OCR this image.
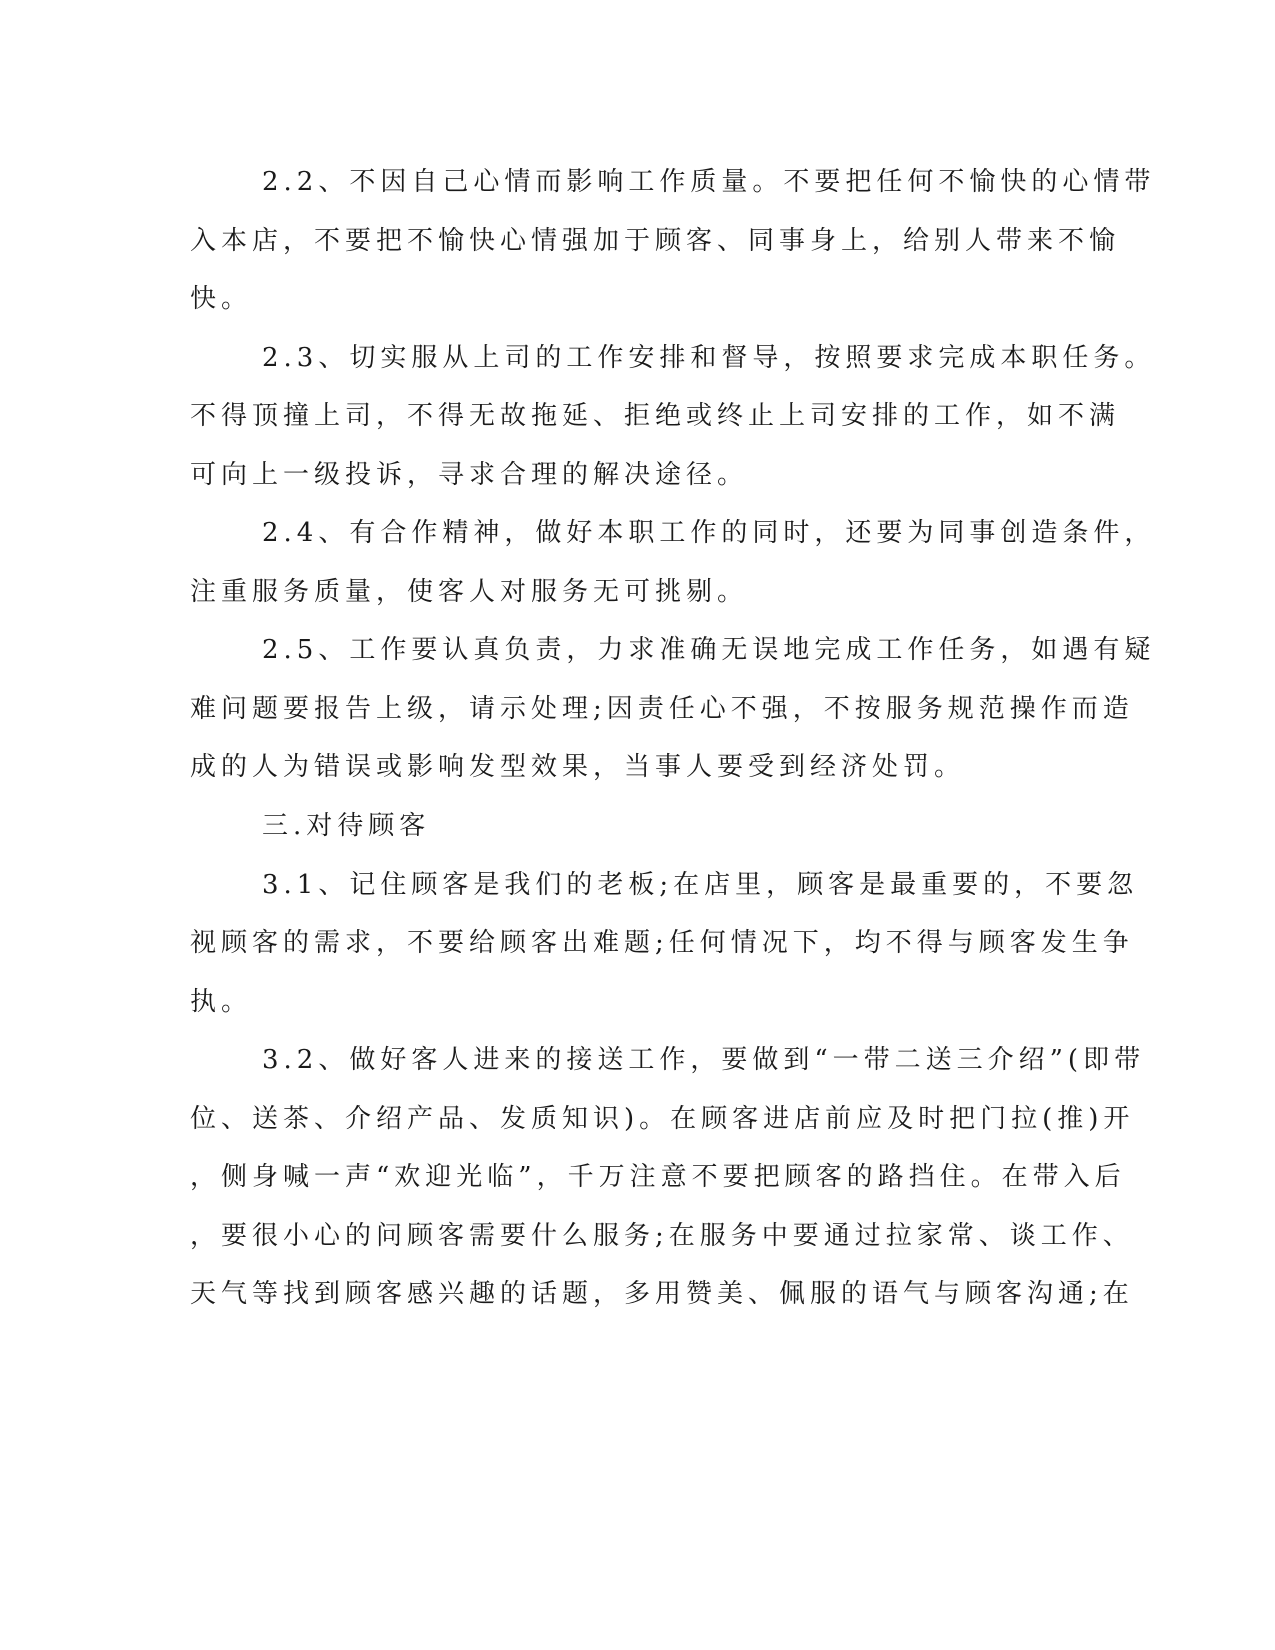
2.2、不因自己心情而影响工作质量。不要把任何不愉快的心情带
入本店，不要把不愉快心情强加于顾客、同事身上，给别人带来不愉
快。
2.3、切实服从上司的工作安排和督导，按照要求完成本职任务。
不得顶撞上司，不得无故拖延、拒绝或终止上司安排的工作，如不满
可向上一级投诉，寻求合理的解决途径。
2.4、有合作精神，做好本职工作的同时，还要为同事创造条件，
注重服务质量，使客人对服务无可挑剔。
2.5、工作要认真负责，力求准确无误地完成工作任务，如遇有疑
难问题要报告上级，请示处理;因责任心不强，不按服务规范操作而造
成的人为错误或影响发型效果，当事人要受到经济处罚。
三.对待顾客
3.1、记住顾客是我们的老板;在店里，顾客是最重要的，不要忽
视顾客的需求，不要给顾客出难题;任何情况下，均不得与顾客发生争
执。
3.2、做好客人进来的接送工作，要做到“一带二送三介绍”(即带
位、送茶、介绍产品、发质知识)。在顾客进店前应及时把门拉(推)开
，侧身喊一声“欢迎光临”，千万注意不要把顾客的路挡住。在带入后
，要很小心的问顾客需要什么服务;在服务中要通过拉家常、谈工作、
天气等找到顾客感兴趣的话题，多用赞美、佩服的语气与顾客沟通;在
